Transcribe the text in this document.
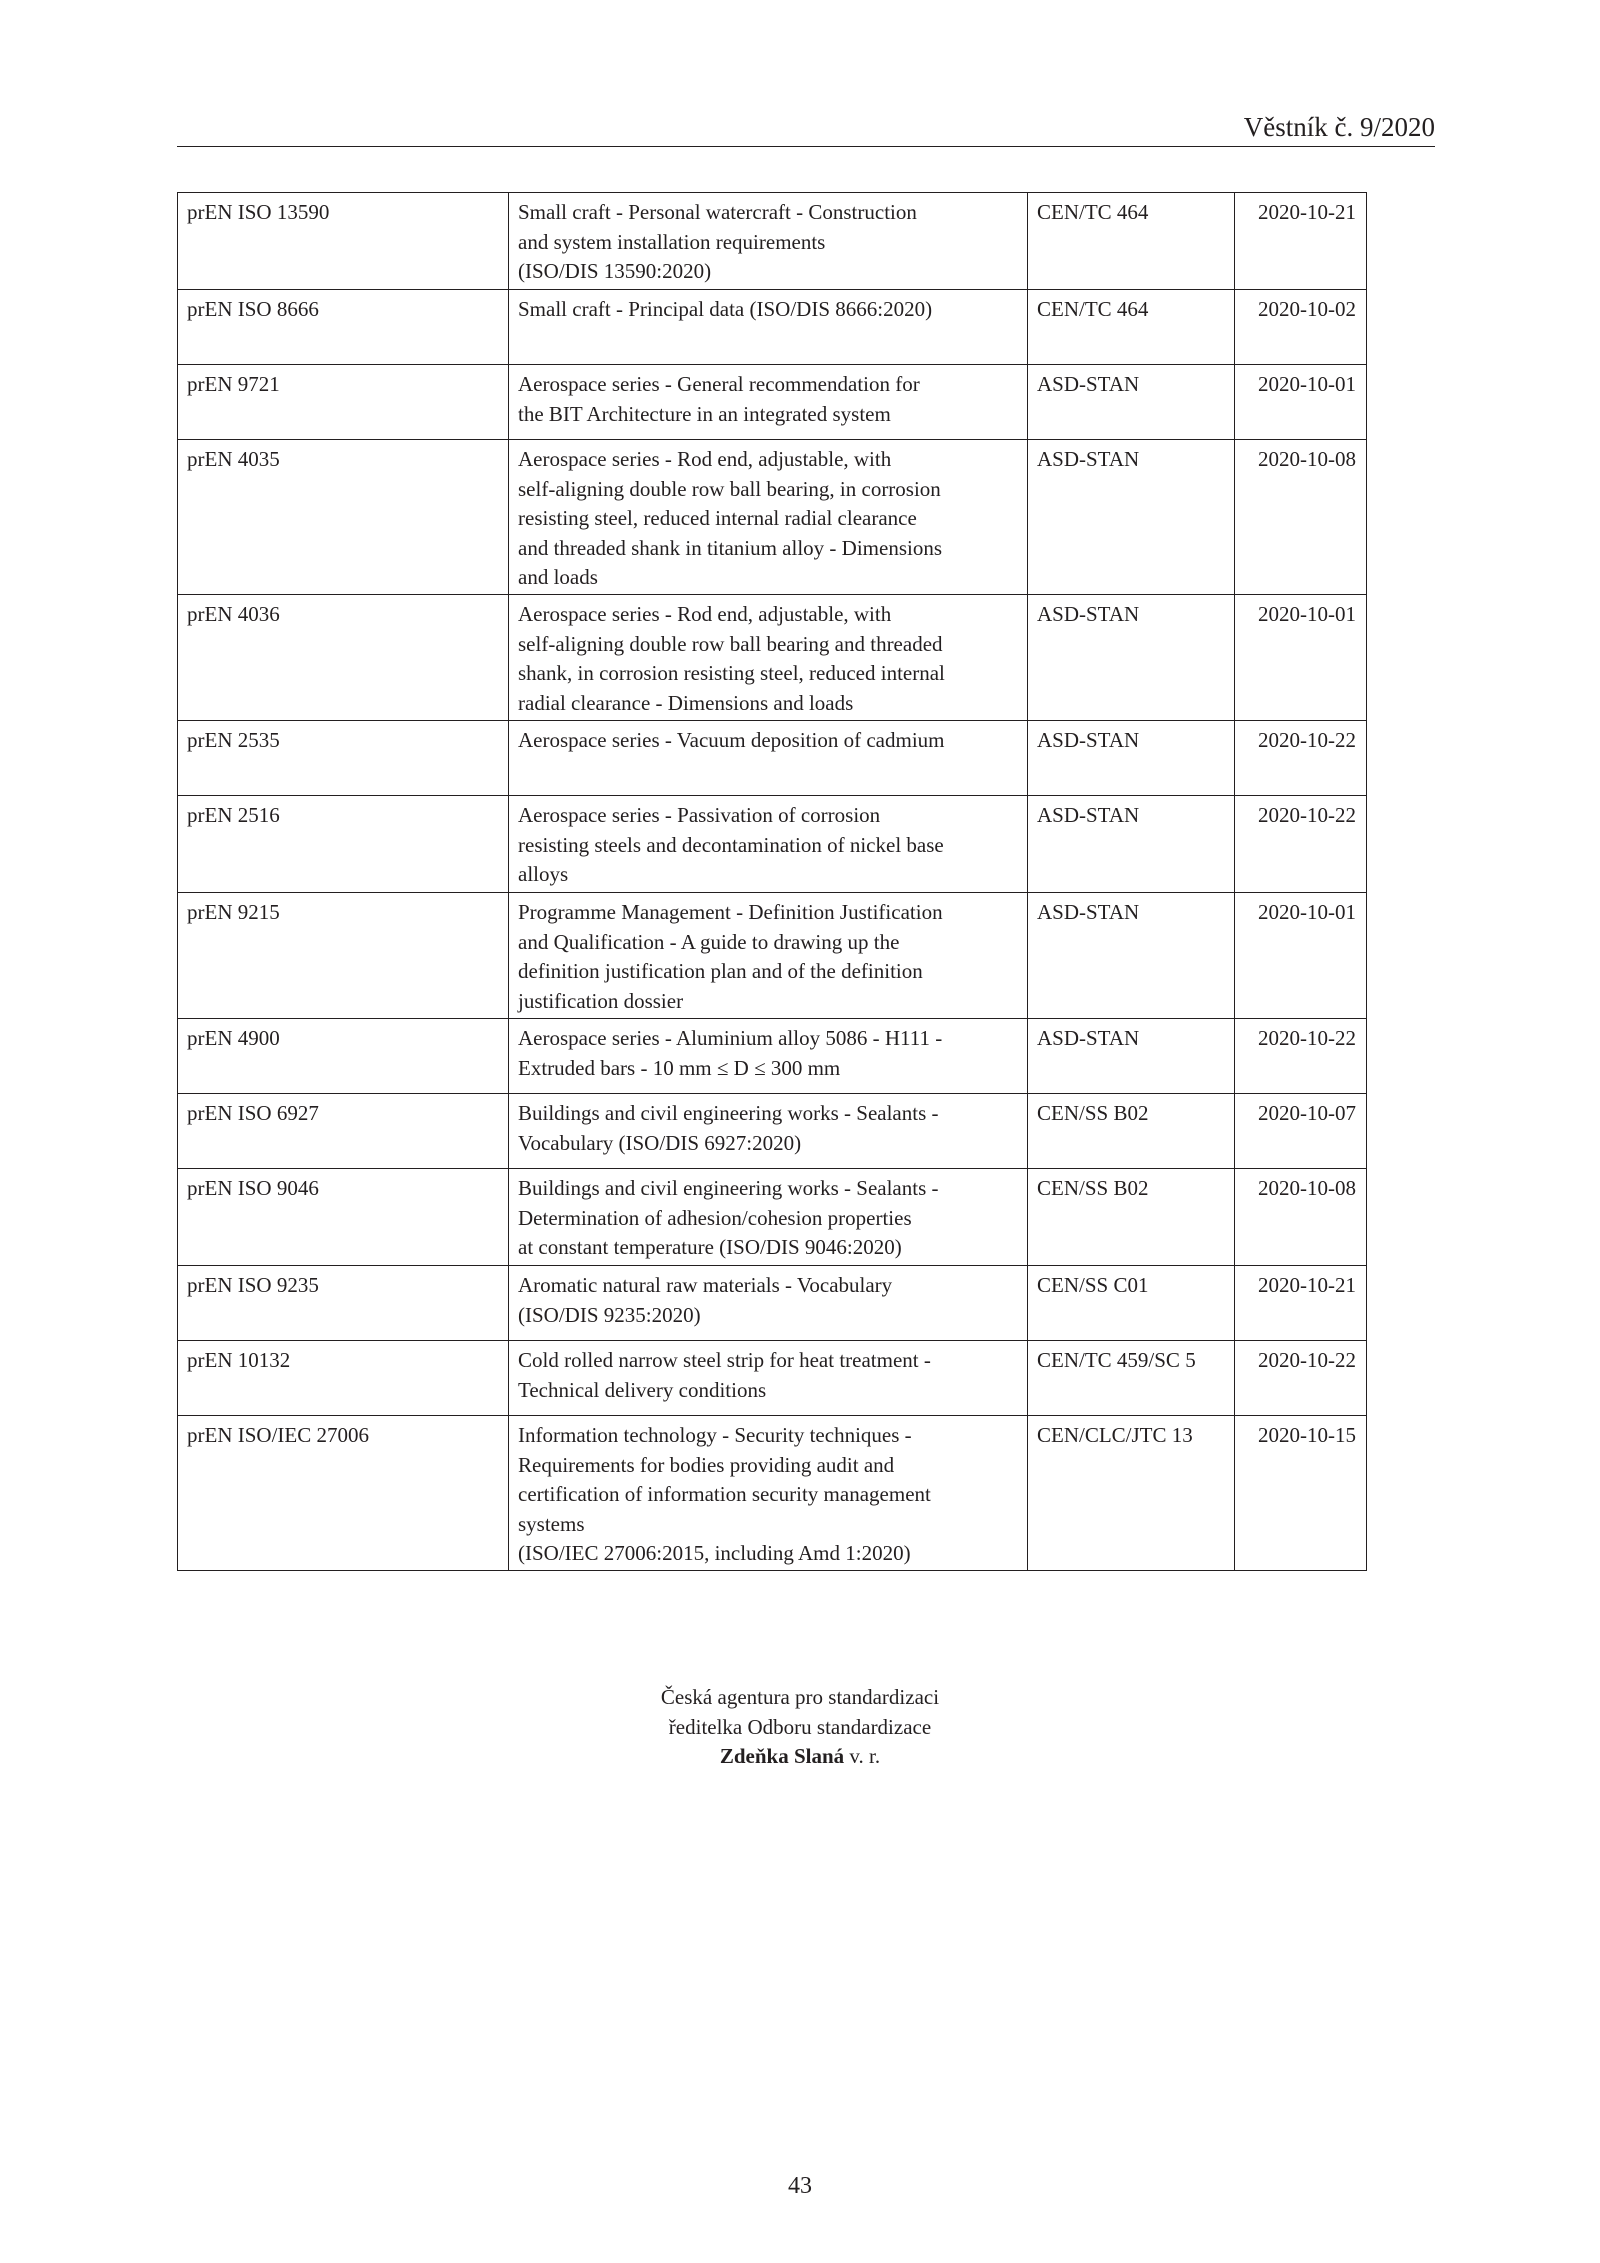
Věstník č. 9/2020
prEN ISO 13590	Small craft - Personal watercraft - Construction
and system installation requirements
(ISO/DIS 13590:2020)	CEN/TC 464	2020-10-21
prEN ISO 8666	Small craft - Principal data (ISO/DIS 8666:2020)	CEN/TC 464	2020-10-02
prEN 9721	Aerospace series - General recommendation for
the BIT Architecture in an integrated system	ASD-STAN	2020-10-01
prEN 4035	Aerospace series - Rod end, adjustable, with
self-aligning double row ball bearing, in corrosion
resisting steel, reduced internal radial clearance
and threaded shank in titanium alloy - Dimensions
and loads	ASD-STAN	2020-10-08
prEN 4036	Aerospace series - Rod end, adjustable, with
self-aligning double row ball bearing and threaded
shank, in corrosion resisting steel, reduced internal
radial clearance - Dimensions and loads	ASD-STAN	2020-10-01
prEN 2535	Aerospace series - Vacuum deposition of cadmium	ASD-STAN	2020-10-22
prEN 2516	Aerospace series - Passivation of corrosion
resisting steels and decontamination of nickel base
alloys	ASD-STAN	2020-10-22
prEN 9215	Programme Management - Definition Justification
and Qualification - A guide to drawing up the
definition justification plan and of the definition
justification dossier	ASD-STAN	2020-10-01
prEN 4900	Aerospace series - Aluminium alloy 5086 - H111 -
Extruded bars - 10 mm ≤ D ≤ 300 mm	ASD-STAN	2020-10-22
prEN ISO 6927	Buildings and civil engineering works - Sealants -
Vocabulary (ISO/DIS 6927:2020)	CEN/SS B02	2020-10-07
prEN ISO 9046	Buildings and civil engineering works - Sealants -
Determination of adhesion/cohesion properties
at constant temperature (ISO/DIS 9046:2020)	CEN/SS B02	2020-10-08
prEN ISO 9235	Aromatic natural raw materials - Vocabulary
(ISO/DIS 9235:2020)	CEN/SS C01	2020-10-21
prEN 10132	Cold rolled narrow steel strip for heat treatment -
Technical delivery conditions	CEN/TC 459/SC 5	2020-10-22
prEN ISO/IEC 27006	Information technology - Security techniques -
Requirements for bodies providing audit and
certification of information security management
systems
(ISO/IEC 27006:2015, including Amd 1:2020)	CEN/CLC/JTC 13	2020-10-15
Česká agentura pro standardizaci
ředitelka Odboru standardizace
Zdeňka Slaná v. r.
43
